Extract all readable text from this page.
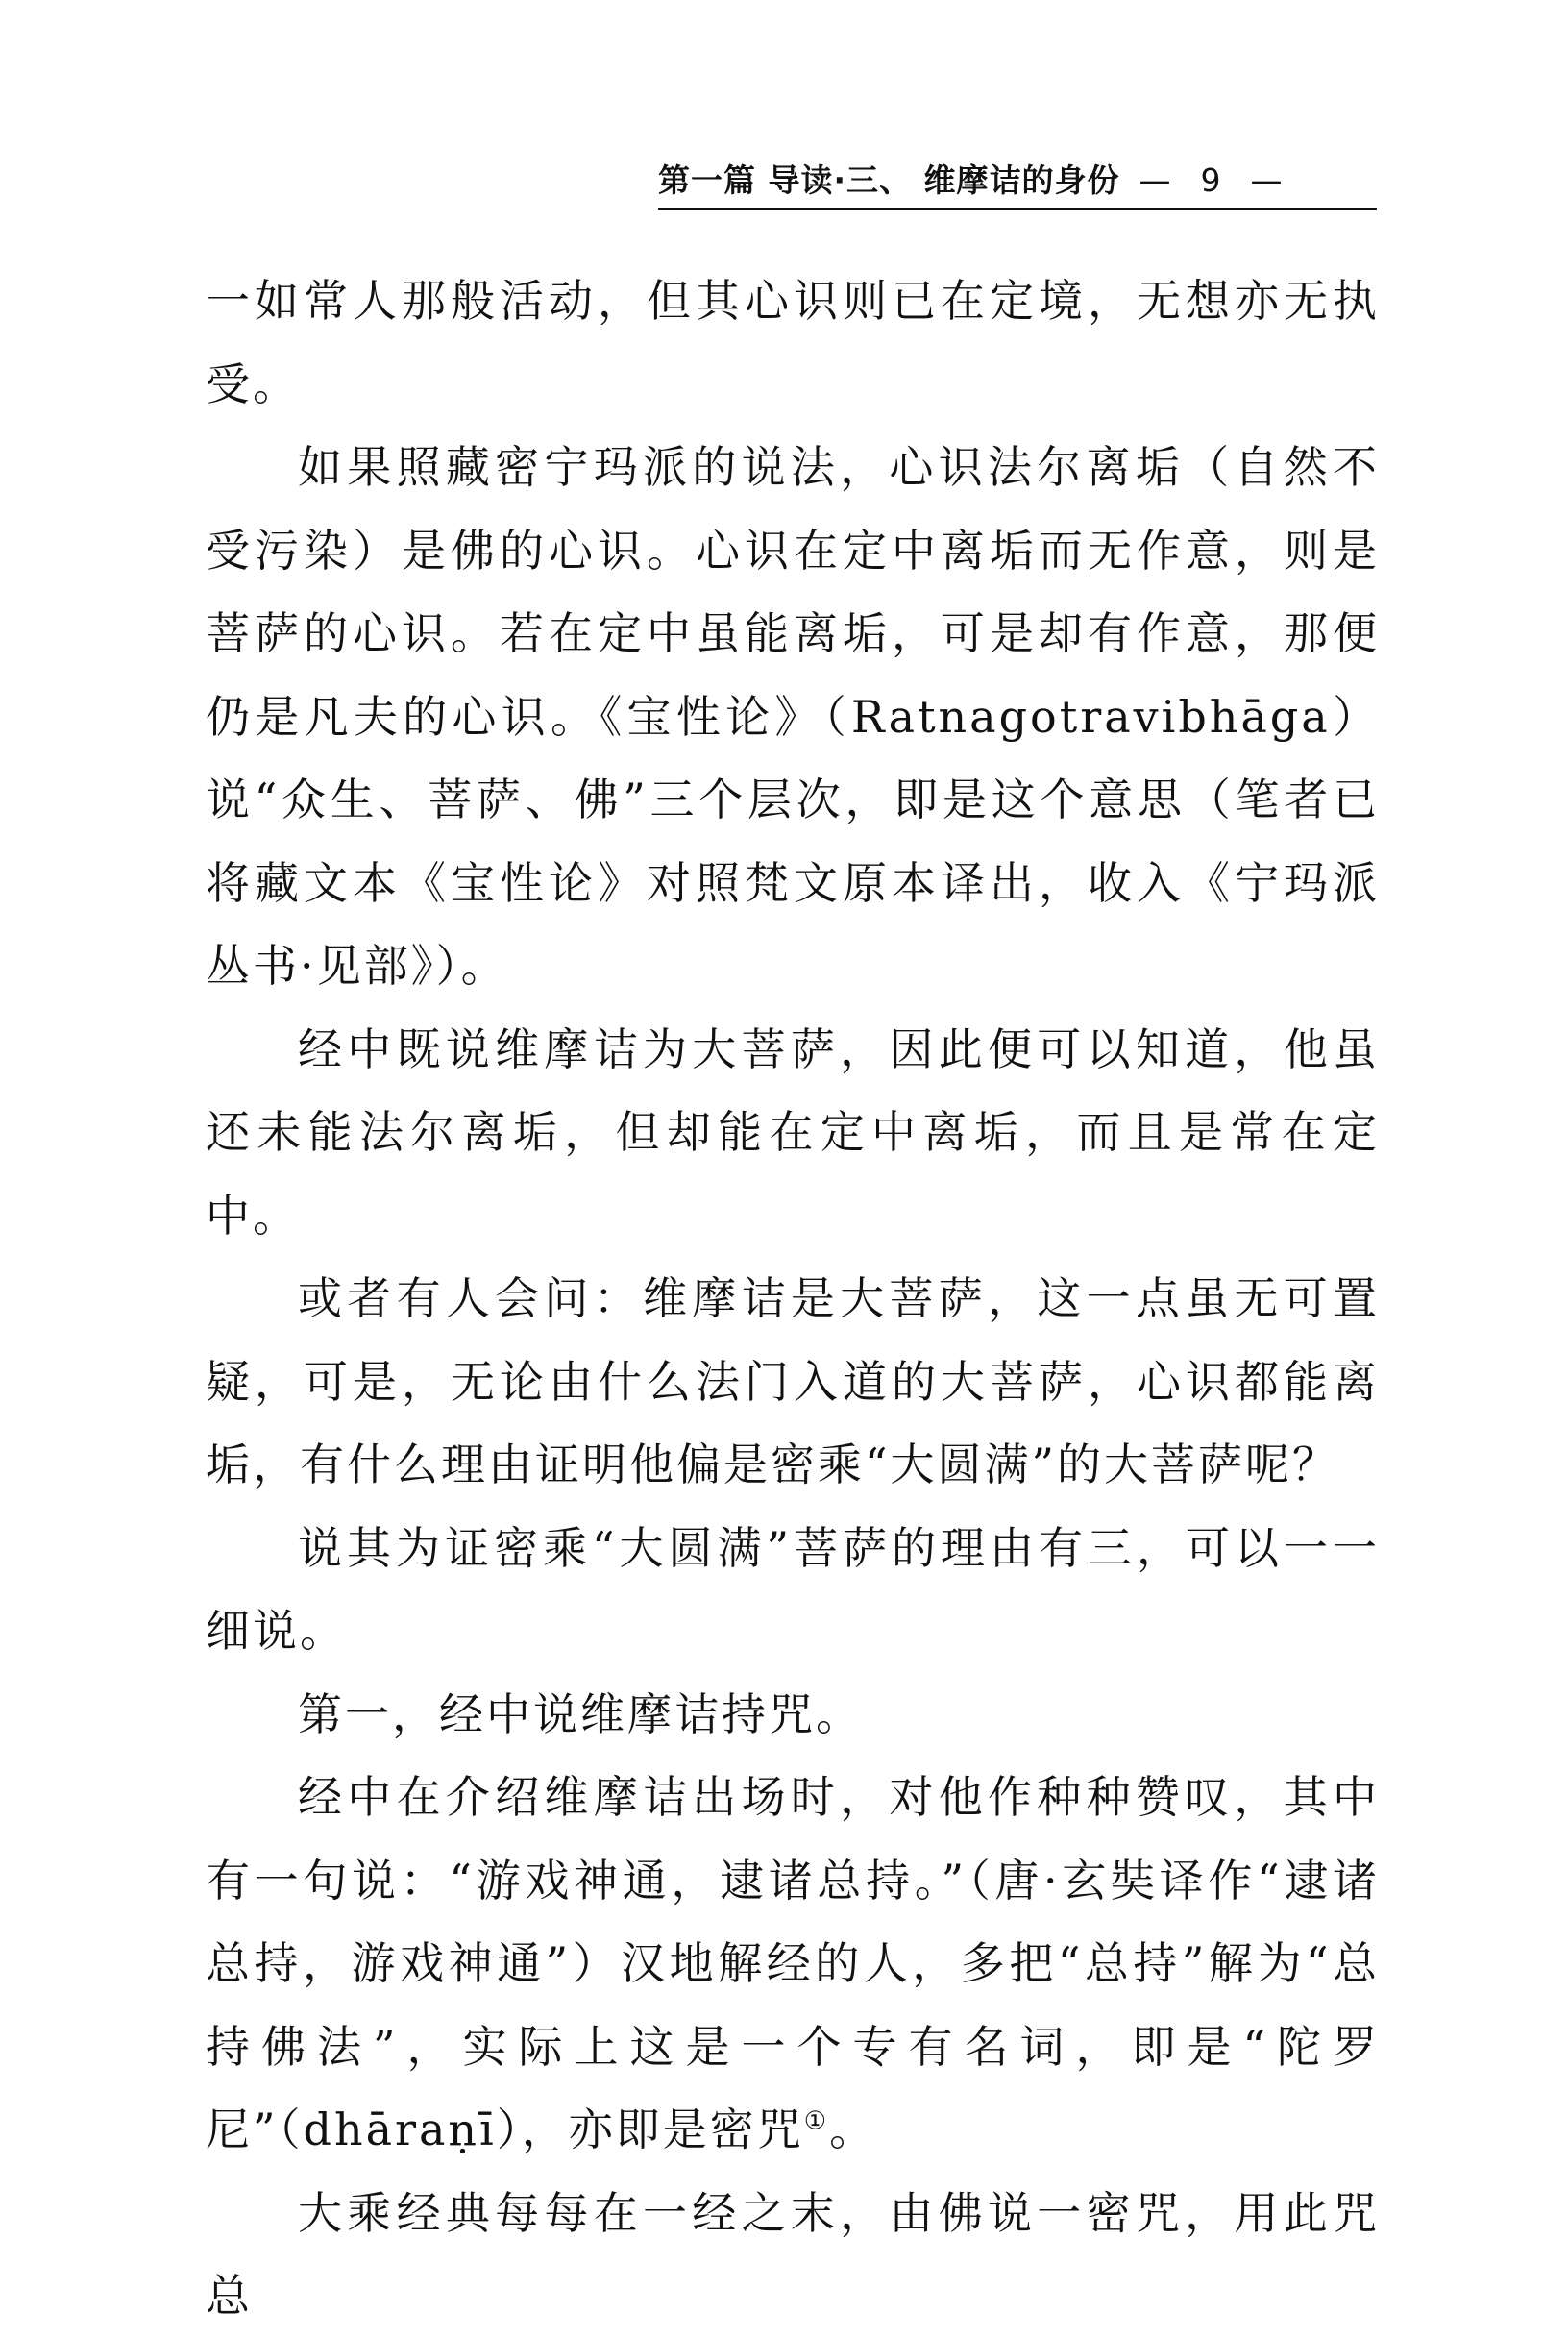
第一篇 导读·三、 维摩诘的身份 — 9 —

一如常人那般活动，但其心识则已在定境，无想亦无执受。

如果照藏密宁玛派的说法，心识法尔离垢（自然不受污染）是佛的心识。心识在定中离垢而无作意，则是菩萨的心识。若在定中虽能离垢，可是却有作意，那便仍是凡夫的心识。《宝性论》（Ratnagotravibhāga）说“众生、菩萨、佛”三个层次，即是这个意思（笔者已将藏文本《宝性论》对照梵文原本译出，收入《宁玛派丛书·见部》）。

经中既说维摩诘为大菩萨，因此便可以知道，他虽还未能法尔离垢，但却能在定中离垢，而且是常在定中。

或者有人会问：维摩诘是大菩萨，这一点虽无可置疑，可是，无论由什么法门入道的大菩萨，心识都能离垢，有什么理由证明他偏是密乘“大圆满”的大菩萨呢？

说其为证密乘“大圆满”菩萨的理由有三，可以一一细说。

第一，经中说维摩诘持咒。

经中在介绍维摩诘出场时，对他作种种赞叹，其中有一句说：“游戏神通，逮诸总持。”（唐·玄奘译作“逮诸总持，游戏神通”）汉地解经的人，多把“总持”解为“总持佛法”，实际上这是一个专有名词，即是“陀罗尼”（dhāraṇī），亦即是密咒①。

大乘经典每每在一经之末，由佛说一密咒，用此咒总
